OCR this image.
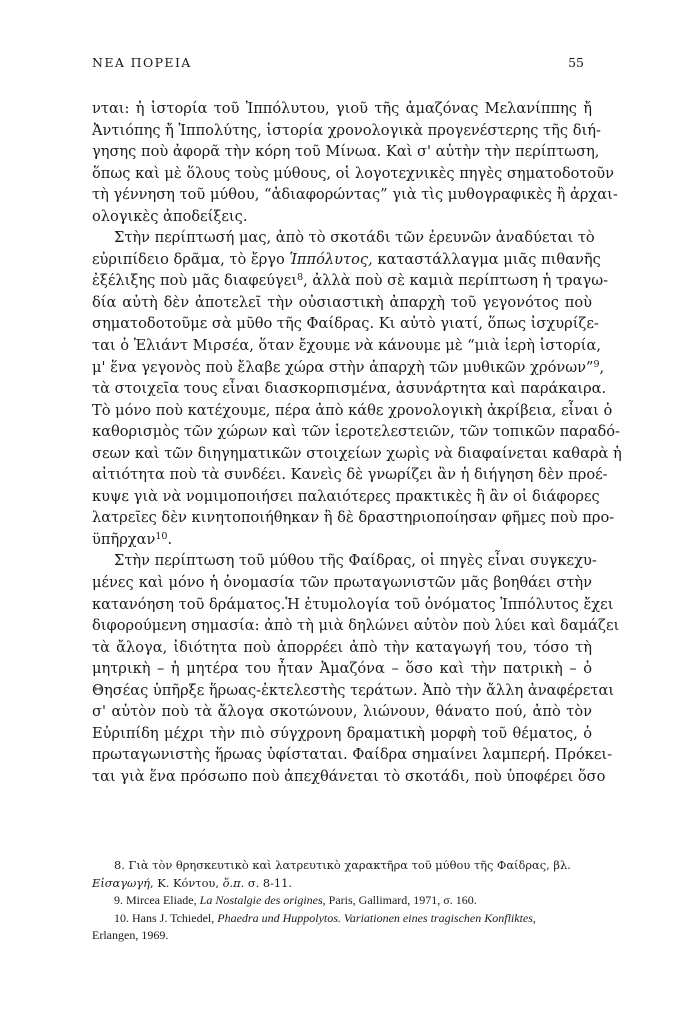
ΝΕΑ ΠΟΡΕΙΑ	55
νται: ἡ ἱστορία τοῦ Ἱππόλυτου, γιοῦ τῆς ἀμαζόνας Μελανίππης ἤ
Ἀντιόπης ἤ Ἱππολύτης, ἱστορία χρονολογικὰ προγενέστερης τῆς διή-
γησης ποὺ ἀφορᾶ τὴν κόρη τοῦ Μίνωα. Καὶ σ' αὐτὴν τὴν περίπτωση,
ὅπως καὶ μὲ ὅλους τοὺς μύθους, οἱ λογοτεχνικὲς πηγὲς σηματοδοτοῦν
τὴ γέννηση τοῦ μύθου, “ἀδιαφορώντας” γιὰ τὶς μυθογραφικὲς ἢ ἀρχαι-
ολογικὲς ἀποδείξεις.
Στὴν περίπτωσή μας, ἀπὸ τὸ σκοτάδι τῶν ἐρευνῶν ἀναδύεται τὸ
εὐριπίδειο δρᾶμα, τὸ ἔργο Ἱππόλυτος, καταστάλλαγμα μιᾶς πιθανῆς
ἐξέλιξης ποὺ μᾶς διαφεύγει$^8$, ἀλλὰ ποὺ σὲ καμιὰ περίπτωση ἡ τραγω-
δία αὐτὴ δὲν ἀποτελεῖ τὴν οὐσιαστικὴ ἀπαρχὴ τοῦ γεγονότος ποὺ
σηματοδοτοῦμε σὰ μῦθο τῆς Φαίδρας. Κι αὐτὸ γιατί, ὅπως ἰσχυρίζε-
ται ὁ Ἐλιάντ Μιρσέα, ὅταν ἔχουμε νὰ κάνουμε μὲ “μιὰ ἱερὴ ἱστορία,
μ' ἕνα γεγονὸς ποὺ ἔλαβε χώρα στὴν ἀπαρχὴ τῶν μυθικῶν χρόνων”$^9$,
τὰ στοιχεῖα τους εἶναι διασκορπισμένα, ἀσυνάρτητα καὶ παράκαιρα.
Τὸ μόνο ποὺ κατέχουμε, πέρα ἀπὸ κάθε χρονολογικὴ ἀκρίβεια, εἶναι ὁ
καθορισμὸς τῶν χώρων καὶ τῶν ἱεροτελεστειῶν, τῶν τοπικῶν παραδό-
σεων καὶ τῶν διηγηματικῶν στοιχείων χωρὶς νὰ διαφαίνεται καθαρὰ ἡ
αἰτιότητα ποὺ τὰ συνδέει. Κανεὶς δὲ γνωρίζει ἂν ἡ διήγηση δὲν προέ-
κυψε γιὰ νὰ νομιμοποιήσει παλαιότερες πρακτικὲς ἢ ἂν οἱ διάφορες
λατρεῖες δὲν κινητοποιήθηκαν ἢ δὲ δραστηριοποίησαν φῆμες ποὺ προ-
ϋπῆρχαν$^{10}$.
Στὴν περίπτωση τοῦ μύθου τῆς Φαίδρας, οἱ πηγὲς εἶναι συγκεχυ-
μένες καὶ μόνο ἡ ὀνομασία τῶν πρωταγωνιστῶν μᾶς βοηθάει στὴν
κατανόηση τοῦ δράματος.Ἡ ἐτυμολογία τοῦ ὀνόματος Ἱππόλυτος ἔχει
διφορούμενη σημασία: ἀπὸ τὴ μιὰ δηλώνει αὐτὸν ποὺ λύει καὶ δαμάζει
τὰ ἄλογα, ἰδιότητα ποὺ ἀπορρέει ἀπὸ τὴν καταγωγή του, τόσο τὴ
μητρικὴ – ἡ μητέρα του ἦταν Ἀμαζόνα – ὅσο καὶ τὴν πατρικὴ – ὁ
Θησέας ὑπῆρξε ἥρωας-ἐκτελεστὴς τεράτων. Ἀπὸ τὴν ἄλλη ἀναφέρεται
σ' αὐτὸν ποὺ τὰ ἄλογα σκοτώνουν, λιώνουν, θάνατο πού, ἀπὸ τὸν
Εὐριπίδη μέχρι τὴν πιὸ σύγχρονη δραματικὴ μορφὴ τοῦ θέματος, ὁ
πρωταγωνιστὴς ἥρωας ὑφίσταται. Φαίδρα σημαίνει λαμπερή. Πρόκει-
ται γιὰ ἕνα πρόσωπο ποὺ ἀπεχθάνεται τὸ σκοτάδι, ποὺ ὑποφέρει ὅσο
8. Γιὰ τὸν θρησκευτικὸ καὶ λατρευτικὸ χαρακτῆρα τοῦ μύθου τῆς Φαίδρας, βλ.
Εἰσαγωγή, Κ. Κόντου, ὅ.π. σ. 8-11.
9. Mircea Eliade, La Nostalgie des origines, Paris, Gallimard, 1971, σ. 160.
10. Hans J. Tchiedel, Phaedra und Huppolytos. Variationen eines tragischen Konfliktes,
Erlangen, 1969.
